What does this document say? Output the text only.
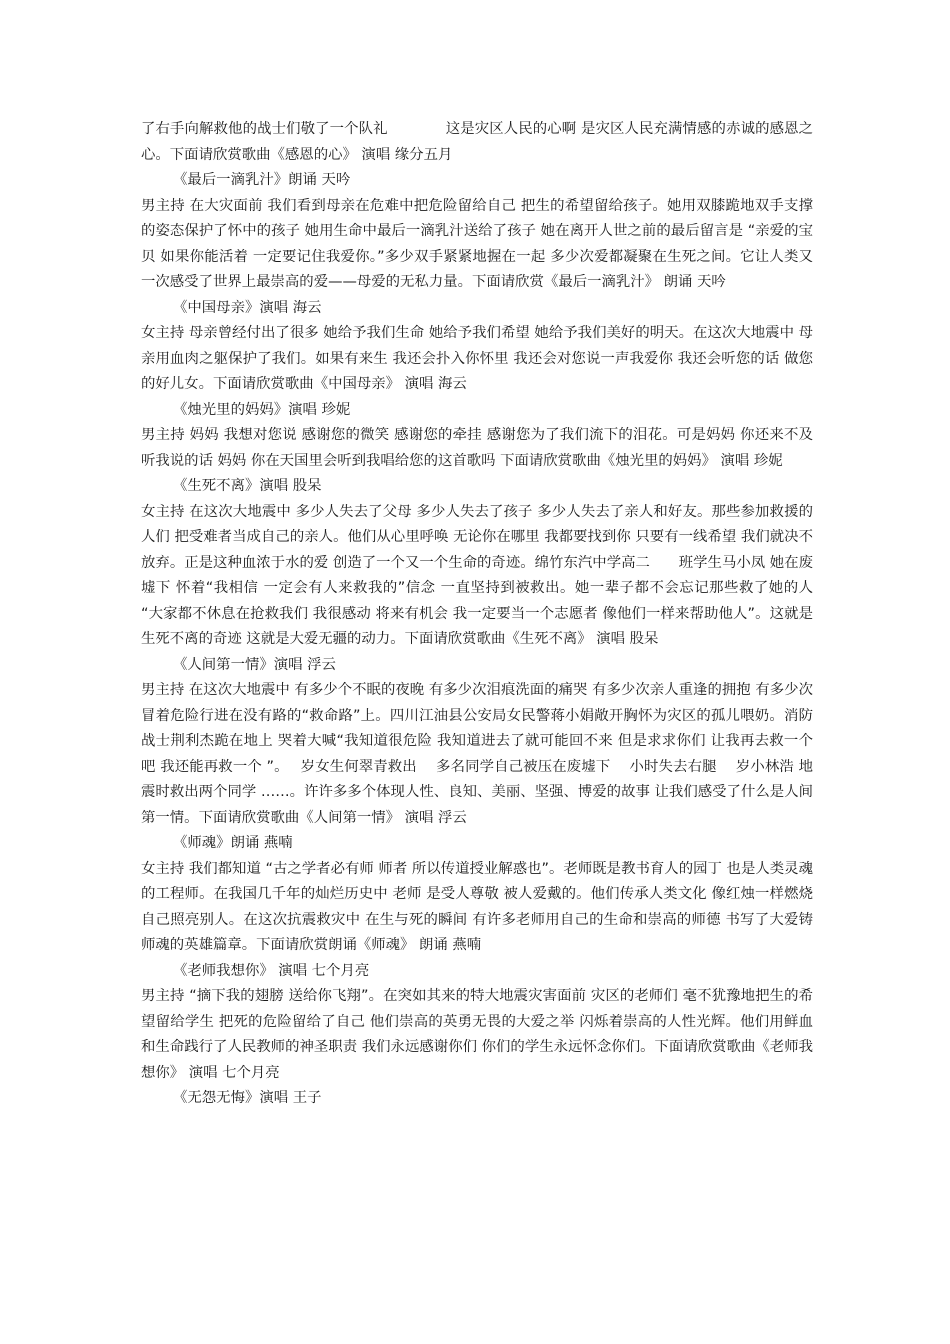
了右手向解救他的战士们敬了一个队礼　　　　这是灾区人民的心啊 是灾区人民充满情感的赤诚的感恩之心。下面请欣赏歌曲《感恩的心》 演唱 缘分五月

《最后一滴乳汁》朗诵 天吟

男主持 在大灾面前 我们看到母亲在危难中把危险留给自己 把生的希望留给孩子。她用双膝跪地双手支撑的姿态保护了怀中的孩子 她用生命中最后一滴乳汁送给了孩子 她在离开人世之前的最后留言是 “亲爱的宝贝 如果你能活着 一定要记住我爱你。”多少双手紧紧地握在一起 多少次爱都凝聚在生死之间。它让人类又一次感受了世界上最崇高的爱——母爱的无私力量。下面请欣赏《最后一滴乳汁》 朗诵 天吟

《中国母亲》演唱 海云

女主持 母亲曾经付出了很多 她给予我们生命 她给予我们希望 她给予我们美好的明天。在这次大地震中 母亲用血肉之躯保护了我们。如果有来生 我还会扑入你怀里 我还会对您说一声我爱你 我还会听您的话 做您的好儿女。下面请欣赏歌曲《中国母亲》 演唱 海云

《烛光里的妈妈》演唱 珍妮

男主持 妈妈 我想对您说 感谢您的微笑 感谢您的牵挂 感谢您为了我们流下的泪花。可是妈妈 你还来不及听我说的话 妈妈 你在天国里会听到我唱给您的这首歌吗 下面请欣赏歌曲《烛光里的妈妈》 演唱 珍妮

《生死不离》演唱 股呆

女主持 在这次大地震中 多少人失去了父母 多少人失去了孩子 多少人失去了亲人和好友。那些参加救援的人们 把受难者当成自己的亲人。他们从心里呼唤 无论你在哪里 我都要找到你 只要有一线希望 我们就决不放弃。正是这种血浓于水的爱 创造了一个又一个生命的奇迹。绵竹东汽中学高二　　班学生马小凤 她在废墟下 怀着“我相信 一定会有人来救我的”信念 一直坚持到被救出。她一辈子都不会忘记那些救了她的人 “大家都不休息在抢救我们 我很感动 将来有机会 我一定要当一个志愿者 像他们一样来帮助他人”。这就是生死不离的奇迹 这就是大爱无疆的动力。下面请欣赏歌曲《生死不离》 演唱 股呆

《人间第一情》演唱 浮云

男主持 在这次大地震中 有多少个不眠的夜晚 有多少次泪痕洗面的痛哭 有多少次亲人重逢的拥抱 有多少次冒着危险行进在没有路的“救命路”上。四川江油县公安局女民警蒋小娟敞开胸怀为灾区的孤儿喂奶。消防战士荆利杰跪在地上 哭着大喊“我知道很危险 我知道进去了就可能回不来 但是求求你们 让我再去救一个吧 我还能再救一个 ”。　 岁女生何翠青救出　 多名同学自己被压在废墟下　 小时失去右腿　 岁小林浩 地震时救出两个同学 ……。许许多多个体现人性、良知、美丽、坚强、博爱的故事 让我们感受了什么是人间第一情。下面请欣赏歌曲《人间第一情》 演唱 浮云

《师魂》朗诵 燕喃

女主持 我们都知道 “古之学者必有师 师者 所以传道授业解惑也”。老师既是教书育人的园丁 也是人类灵魂的工程师。在我国几千年的灿烂历史中 老师 是受人尊敬 被人爱戴的。他们传承人类文化 像红烛一样燃烧自己照亮别人。在这次抗震救灾中 在生与死的瞬间 有许多老师用自己的生命和崇高的师德 书写了大爱铸师魂的英雄篇章。下面请欣赏朗诵《师魂》 朗诵 燕喃

《老师我想你》 演唱 七个月亮

男主持 “摘下我的翅膀 送给你飞翔”。在突如其来的特大地震灾害面前 灾区的老师们 毫不犹豫地把生的希望留给学生 把死的危险留给了自己 他们崇高的英勇无畏的大爱之举 闪烁着崇高的人性光辉。他们用鲜血和生命践行了人民教师的神圣职责 我们永远感谢你们 你们的学生永远怀念你们。下面请欣赏歌曲《老师我想你》 演唱 七个月亮

《无怨无悔》演唱 王子
